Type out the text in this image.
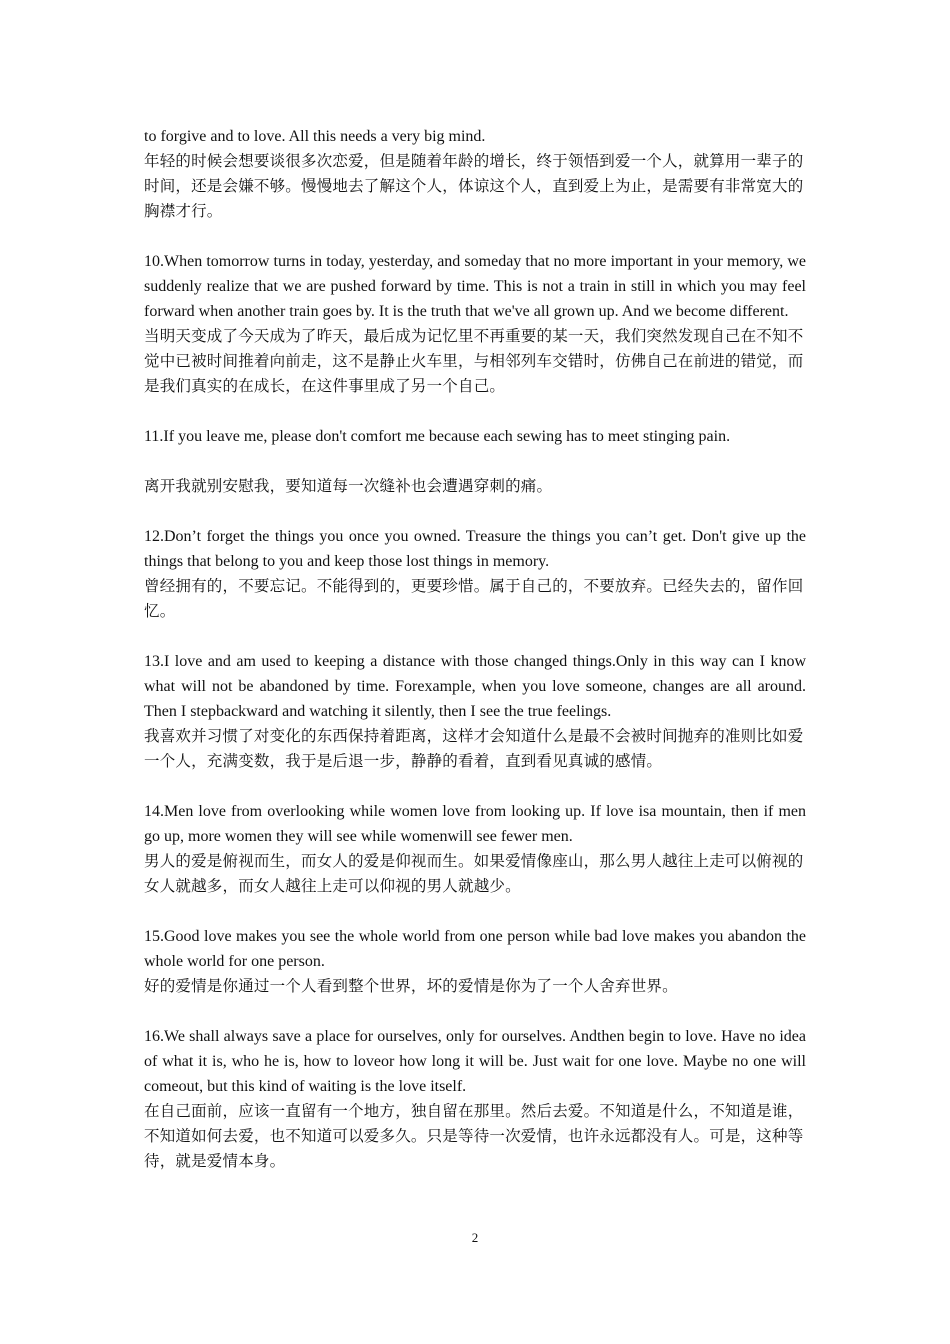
to forgive and to love. All this needs a very big mind.

年轻的时候会想要谈很多次恋爱，但是随着年龄的增长，终于领悟到爱一个人，就算用一辈子的时间，还是会嫌不够。慢慢地去了解这个人，体谅这个人，直到爱上为止，是需要有非常宽大的胸襟才行。

10.When tomorrow turns in today, yesterday, and someday that no more important in your memory, we suddenly realize that we are pushed forward by time. This is not a train in still in which you may feel forward when another train goes by. It is the truth that we've all grown up. And we become different.

当明天变成了今天成为了昨天，最后成为记忆里不再重要的某一天，我们突然发现自己在不知不觉中已被时间推着向前走，这不是静止火车里，与相邻列车交错时，仿佛自己在前进的错觉，而是我们真实的在成长，在这件事里成了另一个自己。

11.If you leave me, please don't comfort me because each sewing has to meet stinging pain.

离开我就别安慰我，要知道每一次缝补也会遭遇穿刺的痛。

12.Don’t forget the things you once you owned. Treasure the things you can’t get. Don't give up the things that belong to you and keep those lost things in memory.

曾经拥有的，不要忘记。不能得到的，更要珍惜。属于自己的，不要放弃。已经失去的，留作回忆。

13.I love and am used to keeping a distance with those changed things.Only in this way can I know what will not be abandoned by time. Forexample, when you love someone, changes are all around. Then I stepbackward and watching it silently, then I see the true feelings.

我喜欢并习惯了对变化的东西保持着距离，这样才会知道什么是最不会被时间抛弃的准则比如爱一个人，充满变数，我于是后退一步，静静的看着，直到看见真诚的感情。

14.Men love from overlooking while women love from looking up. If love isa mountain, then if men go up, more women they will see while womenwill see fewer men.

男人的爱是俯视而生，而女人的爱是仰视而生。如果爱情像座山，那么男人越往上走可以俯视的女人就越多，而女人越往上走可以仰视的男人就越少。

15.Good love makes you see the whole world from one person while bad love makes you abandon the whole world for one person.

好的爱情是你通过一个人看到整个世界，坏的爱情是你为了一个人舍弃世界。

16.We shall always save a place for ourselves, only for ourselves. Andthen begin to love. Have no idea of what it is, who he is, how to loveor how long it will be. Just wait for one love. Maybe no one will comeout, but this kind of waiting is the love itself.

在自己面前，应该一直留有一个地方，独自留在那里。然后去爱。不知道是什么，不知道是谁，不知道如何去爱，也不知道可以爱多久。只是等待一次爱情，也许永远都没有人。可是，这种等待，就是爱情本身。

2
